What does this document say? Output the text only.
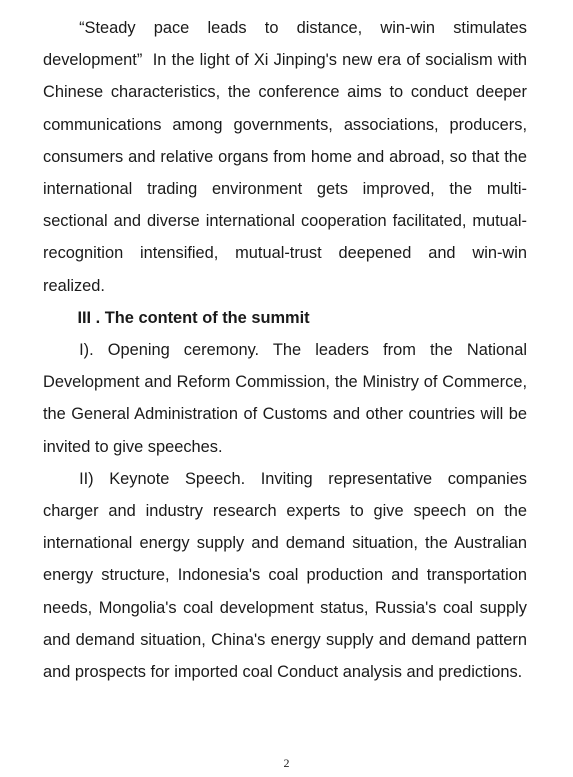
“Steady pace leads to distance, win-win stimulates development”  In the light of Xi Jinping's new era of socialism with Chinese characteristics, the conference aims to conduct deeper communications among governments, associations, producers, consumers and relative organs from home and abroad, so that the international trading environment gets improved, the multi-sectional and diverse international cooperation facilitated, mutual-recognition intensified, mutual-trust deepened and win-win realized.

III . The content of the summit

I). Opening ceremony. The leaders from the National Development and Reform Commission, the Ministry of Commerce, the General Administration of Customs and other countries will be invited to give speeches.

II) Keynote Speech. Inviting representative companies charger and industry research experts to give speech on the international energy supply and demand situation, the Australian energy structure, Indonesia's coal production and transportation needs, Mongolia's coal development status, Russia's coal supply and demand situation, China's energy supply and demand pattern and prospects for imported coal Conduct analysis and predictions.

2
